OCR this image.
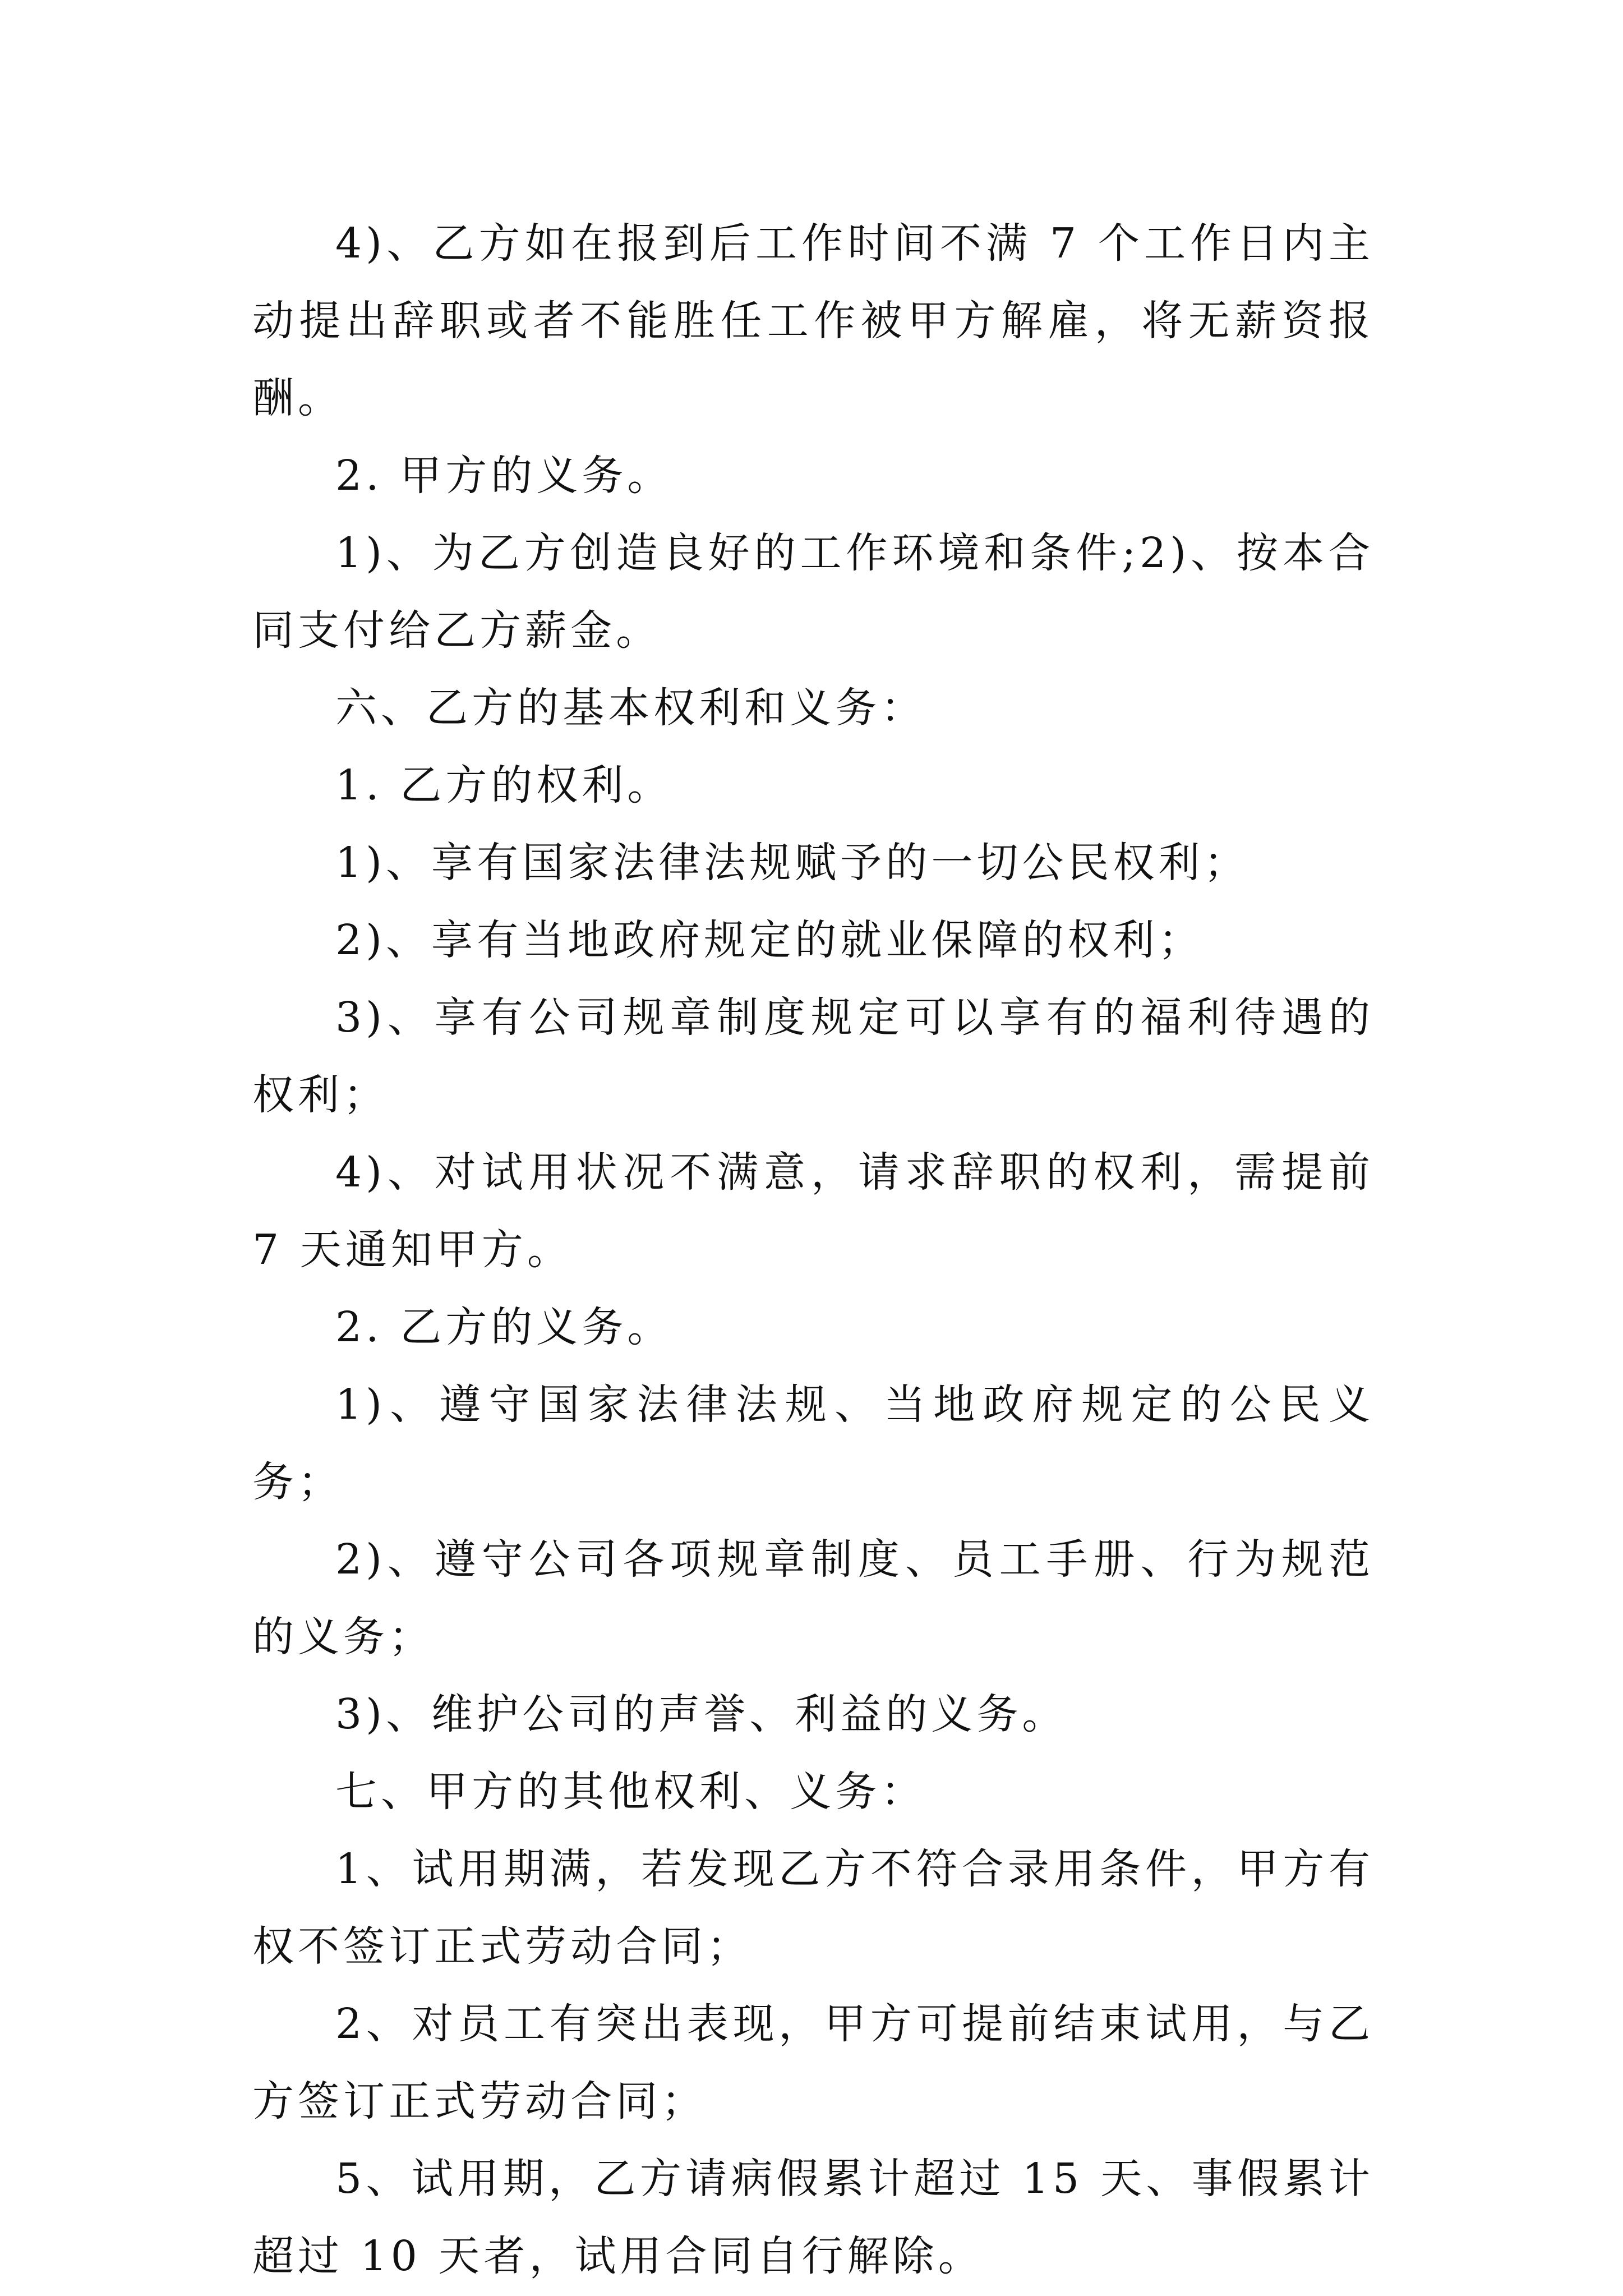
4)、乙方如在报到后工作时间不满 7 个工作日内主动提出辞职或者不能胜任工作被甲方解雇，将无薪资报酬。

2. 甲方的义务。

1)、为乙方创造良好的工作环境和条件;2)、按本合同支付给乙方薪金。

六、乙方的基本权利和义务：

1. 乙方的权利。

1)、享有国家法律法规赋予的一切公民权利；

2)、享有当地政府规定的就业保障的权利；

3)、享有公司规章制度规定可以享有的福利待遇的权利；

4)、对试用状况不满意，请求辞职的权利，需提前 7 天通知甲方。

2. 乙方的义务。

1)、遵守国家法律法规、当地政府规定的公民义务；

2)、遵守公司各项规章制度、员工手册、行为规范的义务；

3)、维护公司的声誉、利益的义务。

七、甲方的其他权利、义务：

1、试用期满，若发现乙方不符合录用条件，甲方有权不签订正式劳动合同；

2、对员工有突出表现，甲方可提前结束试用，与乙方签订正式劳动合同；

5、试用期，乙方请病假累计超过 15 天、事假累计超过 10 天者，试用合同自行解除。
